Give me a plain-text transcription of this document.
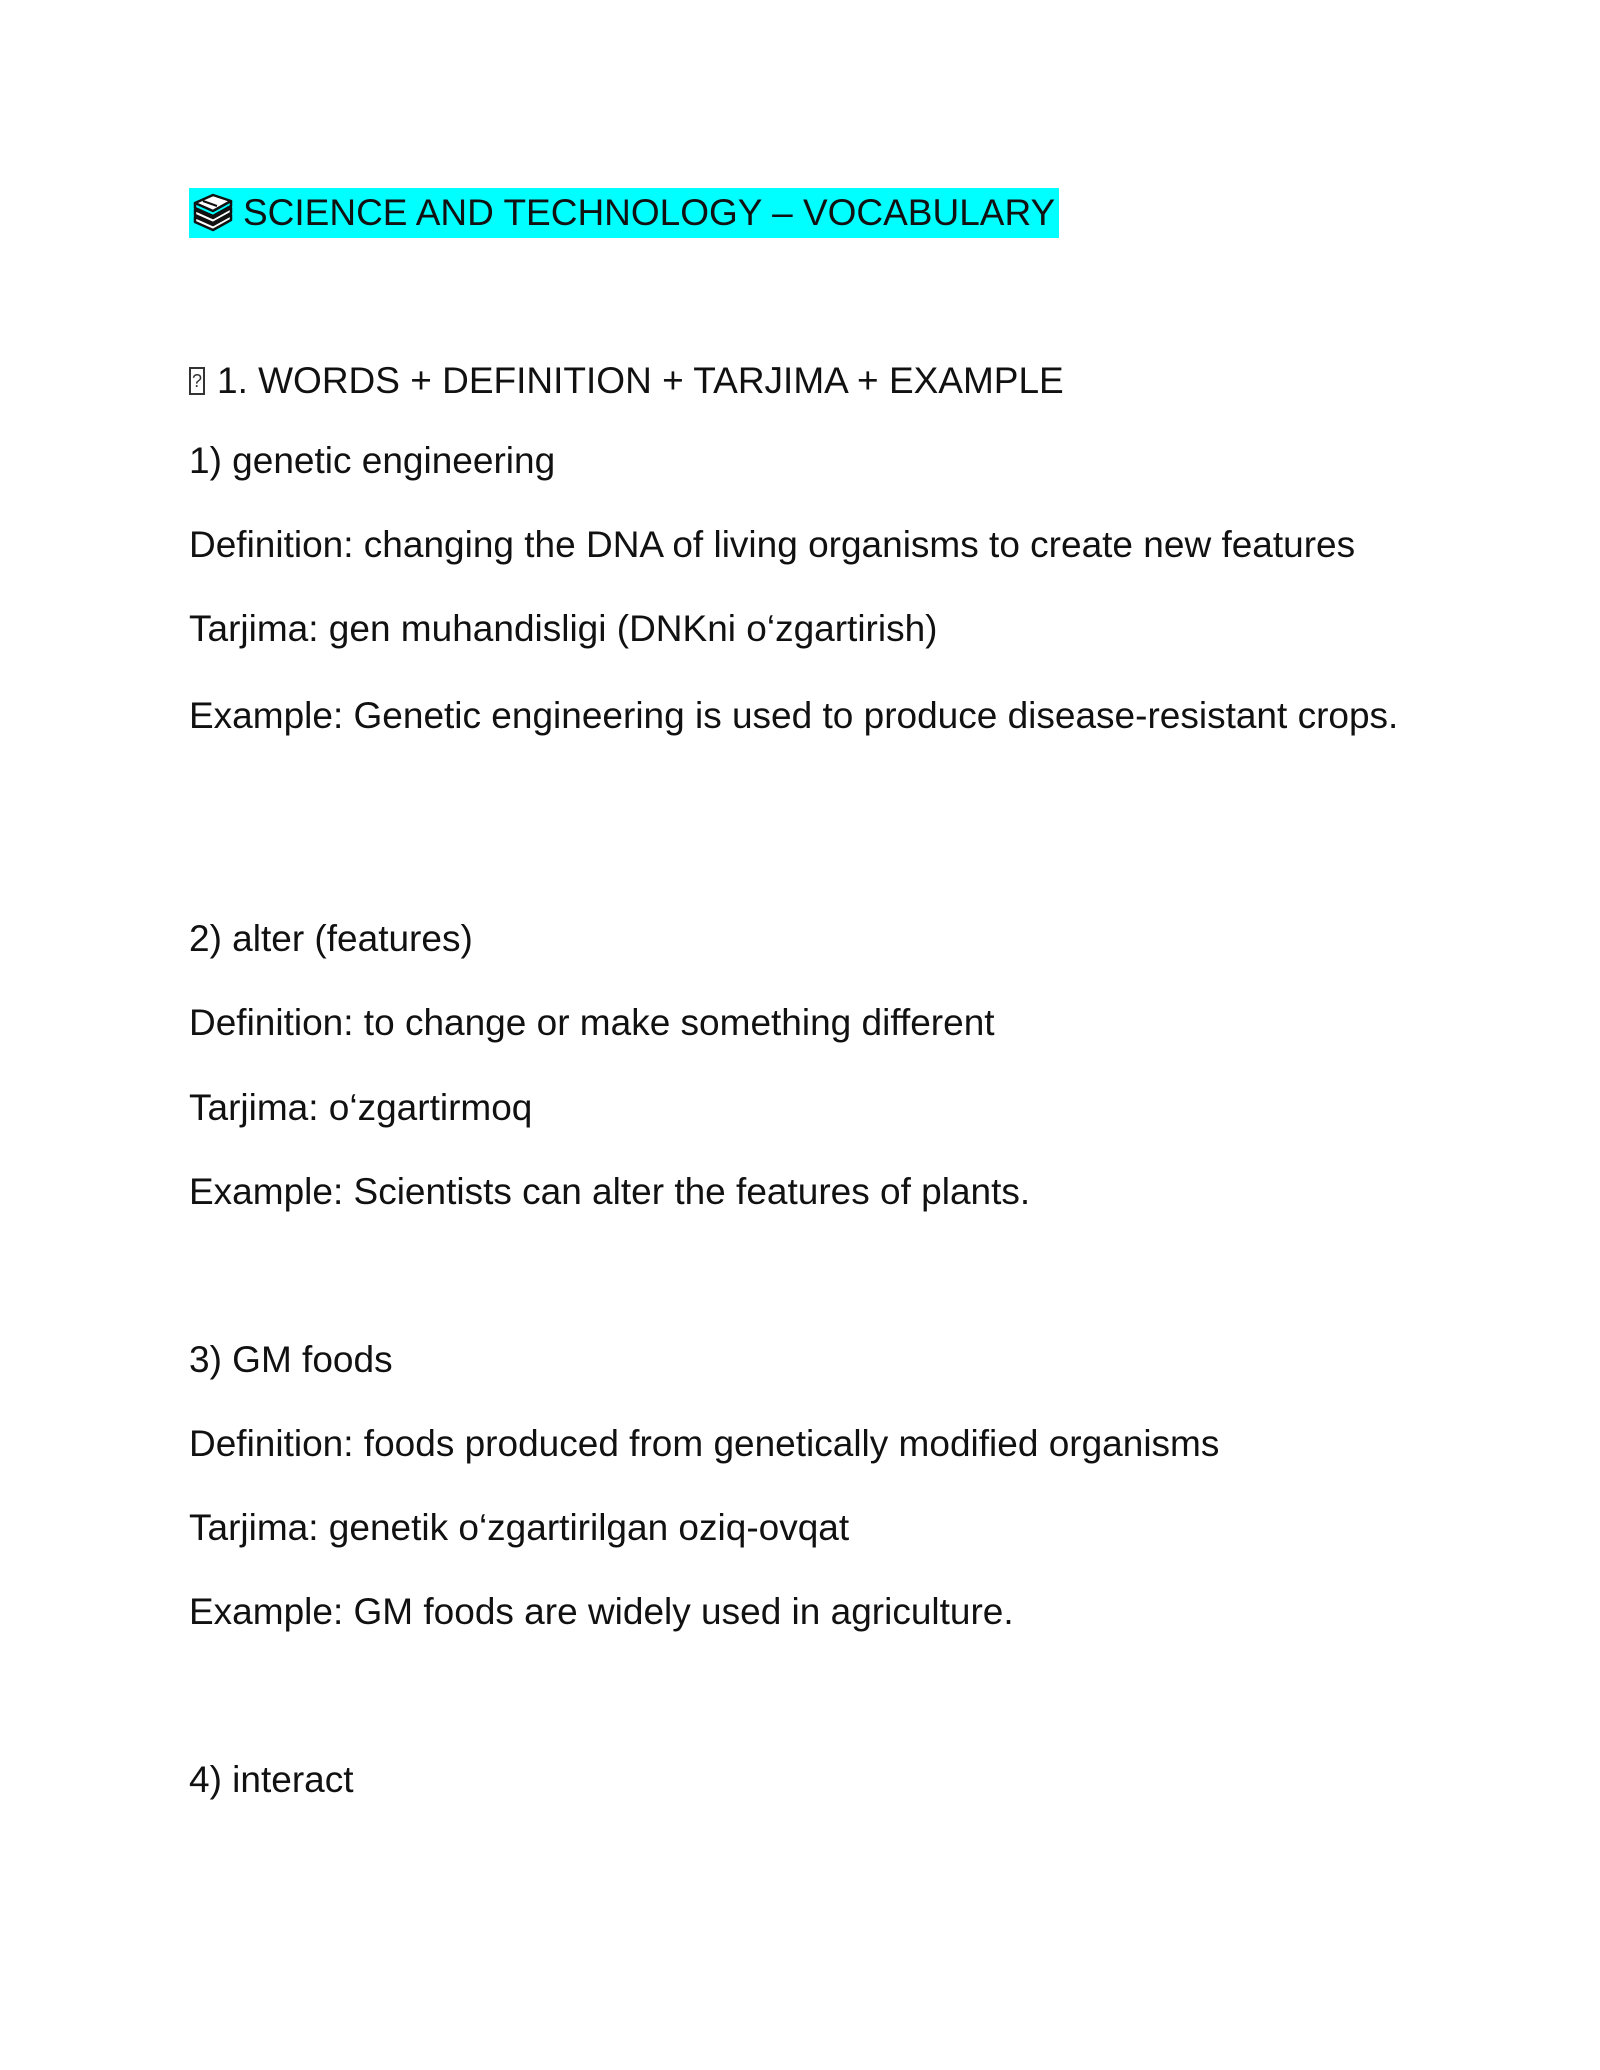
SCIENCE AND TECHNOLOGY – VOCABULARY
? 1. WORDS + DEFINITION + TARJIMA + EXAMPLE
1) genetic engineering
Definition: changing the DNA of living organisms to create new features
Tarjima: gen muhandisligi (DNKni o‘zgartirish)
Example: Genetic engineering is used to produce disease-resistant crops.
2) alter (features)
Definition: to change or make something different
Tarjima: o‘zgartirmoq
Example: Scientists can alter the features of plants.
3) GM foods
Definition: foods produced from genetically modified organisms
Tarjima: genetik o‘zgartirilgan oziq-ovqat
Example: GM foods are widely used in agriculture.
4) interact
